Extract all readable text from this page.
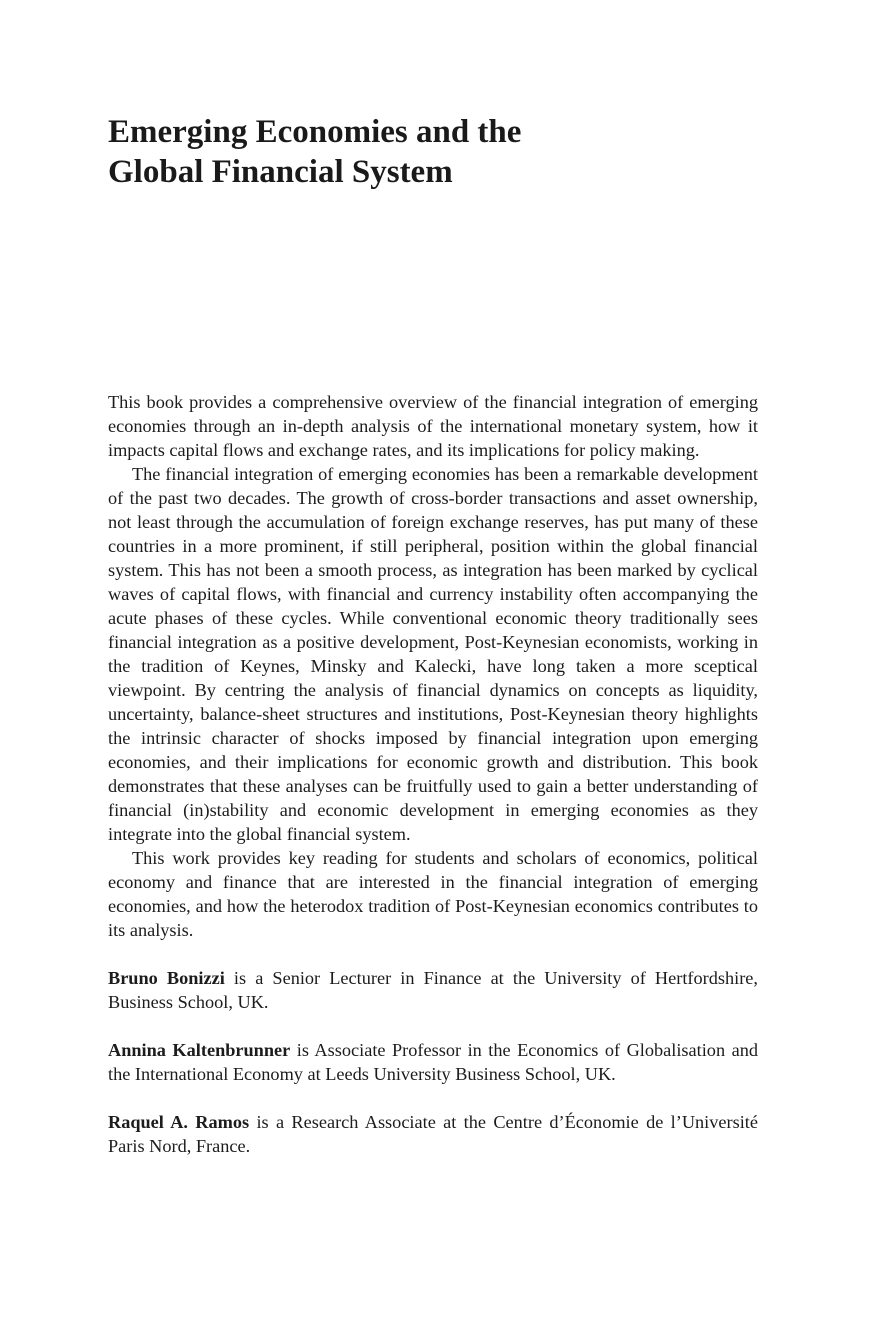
Emerging Economies and the
Global Financial System

This book provides a comprehensive overview of the financial integration of emerging economies through an in-depth analysis of the international monetary system, how it impacts capital flows and exchange rates, and its implications for policy making.

The financial integration of emerging economies has been a remarkable development of the past two decades. The growth of cross-border transactions and asset ownership, not least through the accumulation of foreign exchange reserves, has put many of these countries in a more prominent, if still peripheral, position within the global financial system. This has not been a smooth process, as integration has been marked by cyclical waves of capital flows, with financial and currency instability often accompanying the acute phases of these cycles. While conventional economic theory traditionally sees financial integration as a positive development, Post-Keynesian economists, working in the tradition of Keynes, Minsky and Kalecki, have long taken a more sceptical viewpoint. By centring the analysis of financial dynamics on concepts as liquidity, uncertainty, balance-sheet structures and institutions, Post-Keynesian theory highlights the intrinsic character of shocks imposed by financial integration upon emerging economies, and their implications for economic growth and distribution. This book demonstrates that these analyses can be fruitfully used to gain a better understanding of financial (in)stability and economic development in emerging economies as they integrate into the global financial system.

This work provides key reading for students and scholars of economics, political economy and finance that are interested in the financial integration of emerging economies, and how the heterodox tradition of Post-Keynesian economics contributes to its analysis.

Bruno Bonizzi is a Senior Lecturer in Finance at the University of Hertfordshire, Business School, UK.

Annina Kaltenbrunner is Associate Professor in the Economics of Globalisation and the International Economy at Leeds University Business School, UK.

Raquel A. Ramos is a Research Associate at the Centre d’Économie de l’Université Paris Nord, France.
